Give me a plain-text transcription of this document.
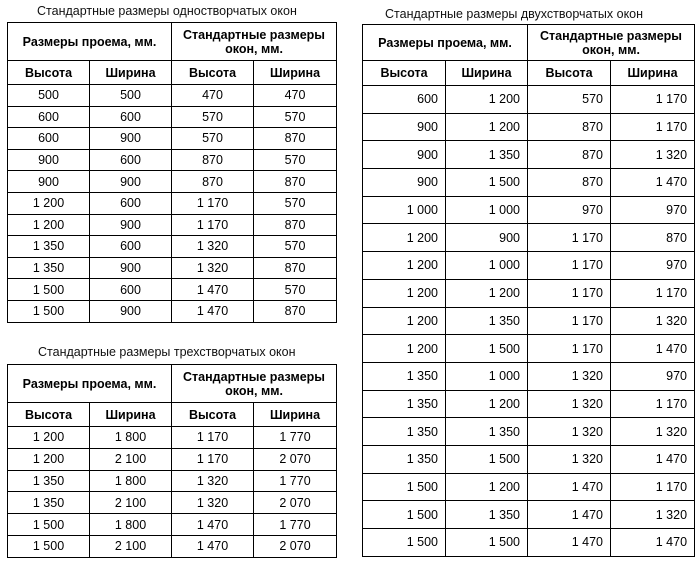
Стандартные размеры одностворчатых окон
Размеры проема, мм.		Стандартные размеры окон, мм.	
Высота	Ширина	Высота	Ширина
500	500	470	470
600	600	570	570
600	900	570	870
900	600	870	570
900	900	870	870
1 200	600	1 170	570
1 200	900	1 170	870
1 350	600	1 320	570
1 350	900	1 320	870
1 500	600	1 470	570
1 500	900	1 470	870
Стандартные размеры трехстворчатых окон
Размеры проема, мм.		Стандартные размеры окон, мм.	
Высота	Ширина	Высота	Ширина
1 200	1 800	1 170	1 770
1 200	2 100	1 170	2 070
1 350	1 800	1 320	1 770
1 350	2 100	1 320	2 070
1 500	1 800	1 470	1 770
1 500	2 100	1 470	2 070
Стандартные размеры двухстворчатых окон
Размеры проема, мм.		Стандартные размеры окон, мм.	
Высота	Ширина	Высота	Ширина
600	1 200	570	1 170
900	1 200	870	1 170
900	1 350	870	1 320
900	1 500	870	1 470
1 000	1 000	970	970
1 200	900	1 170	870
1 200	1 000	1 170	970
1 200	1 200	1 170	1 170
1 200	1 350	1 170	1 320
1 200	1 500	1 170	1 470
1 350	1 000	1 320	970
1 350	1 200	1 320	1 170
1 350	1 350	1 320	1 320
1 350	1 500	1 320	1 470
1 500	1 200	1 470	1 170
1 500	1 350	1 470	1 320
1 500	1 500	1 470	1 470
